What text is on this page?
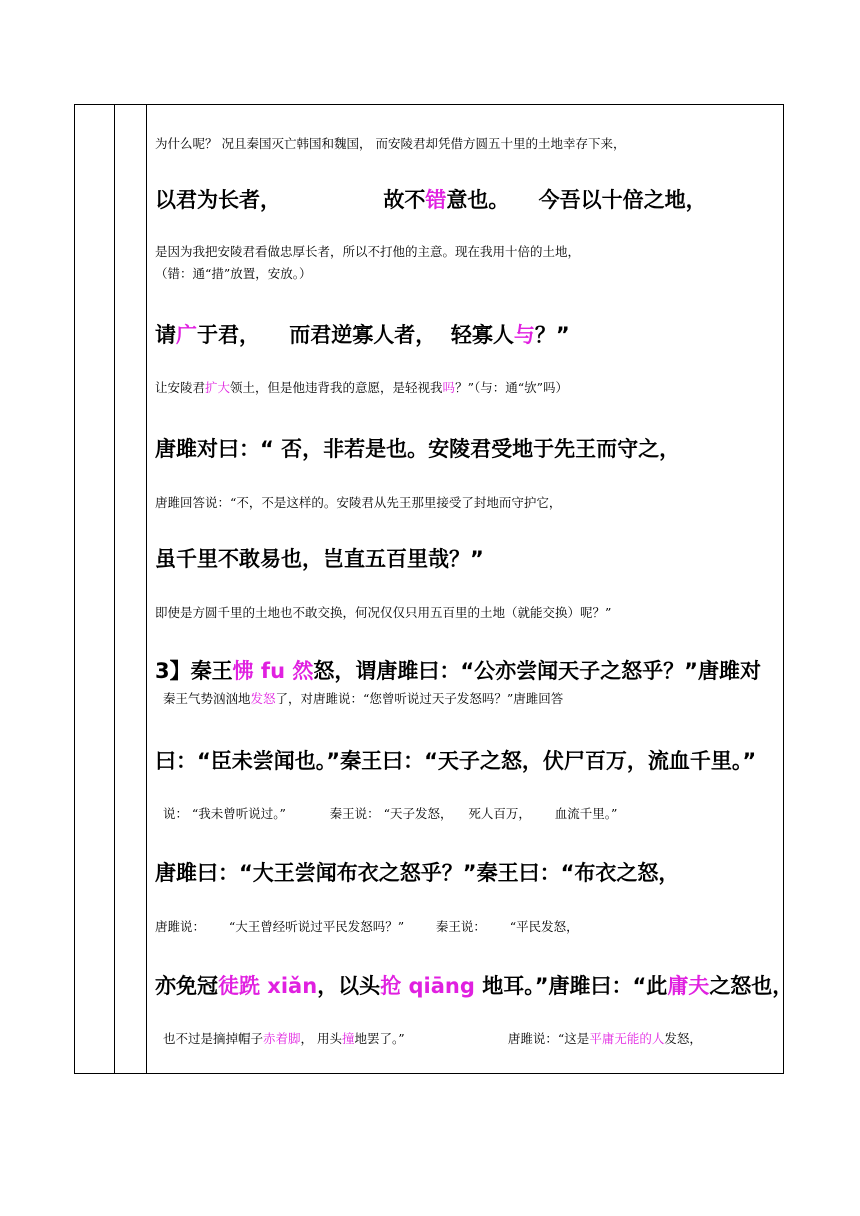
为什么呢？ 况且秦国灭亡韩国和魏国， 而安陵君却凭借方圆五十里的土地幸存下来，
以君为长者，	故不错意也。    今吾以十倍之地，
是因为我把安陵君看做忠厚长者，所以不打他的主意。现在我用十倍的土地，
（错：通“措”放置，安放。）
请广于君，    而君逆寡人者，  轻寡人与？”
让安陵君扩大领土，但是他违背我的意愿，是轻视我吗？”（与：通“欤”吗）
唐雎对曰：“ 否，非若是也。安陵君受地于先王而守之，
唐雎回答说：“不，不是这样的。安陵君从先王那里接受了封地而守护它，
虽千里不敢易也，岂直五百里哉？”
即使是方圆千里的土地也不敢交换，何况仅仅只用五百里的土地（就能交换）呢？”
3】秦王怫 fu 然怒，谓唐雎曰：“公亦尝闻天子之怒乎？”唐雎对
秦王气势汹汹地发怒了，对唐雎说：“您曾听说过天子发怒吗？”唐雎回答
曰：“臣未尝闻也。”秦王曰：“天子之怒，伏尸百万，流血千里。”
说： “我未曾听说过。”           秦王说： “天子发怒，    死人百万，      血流千里。”
唐雎曰：“大王尝闻布衣之怒乎？”秦王曰：“布衣之怒，
唐雎说：      “大王曾经听说过平民发怒吗？”        秦王说：      “平民发怒，
亦免冠徒跣 xiǎn，以头抢 qiāng 地耳。”唐雎曰：“此庸夫之怒也，
也不过是摘掉帽子赤着脚， 用头撞地罢了。”                          唐雎说：“这是平庸无能的人发怒，
